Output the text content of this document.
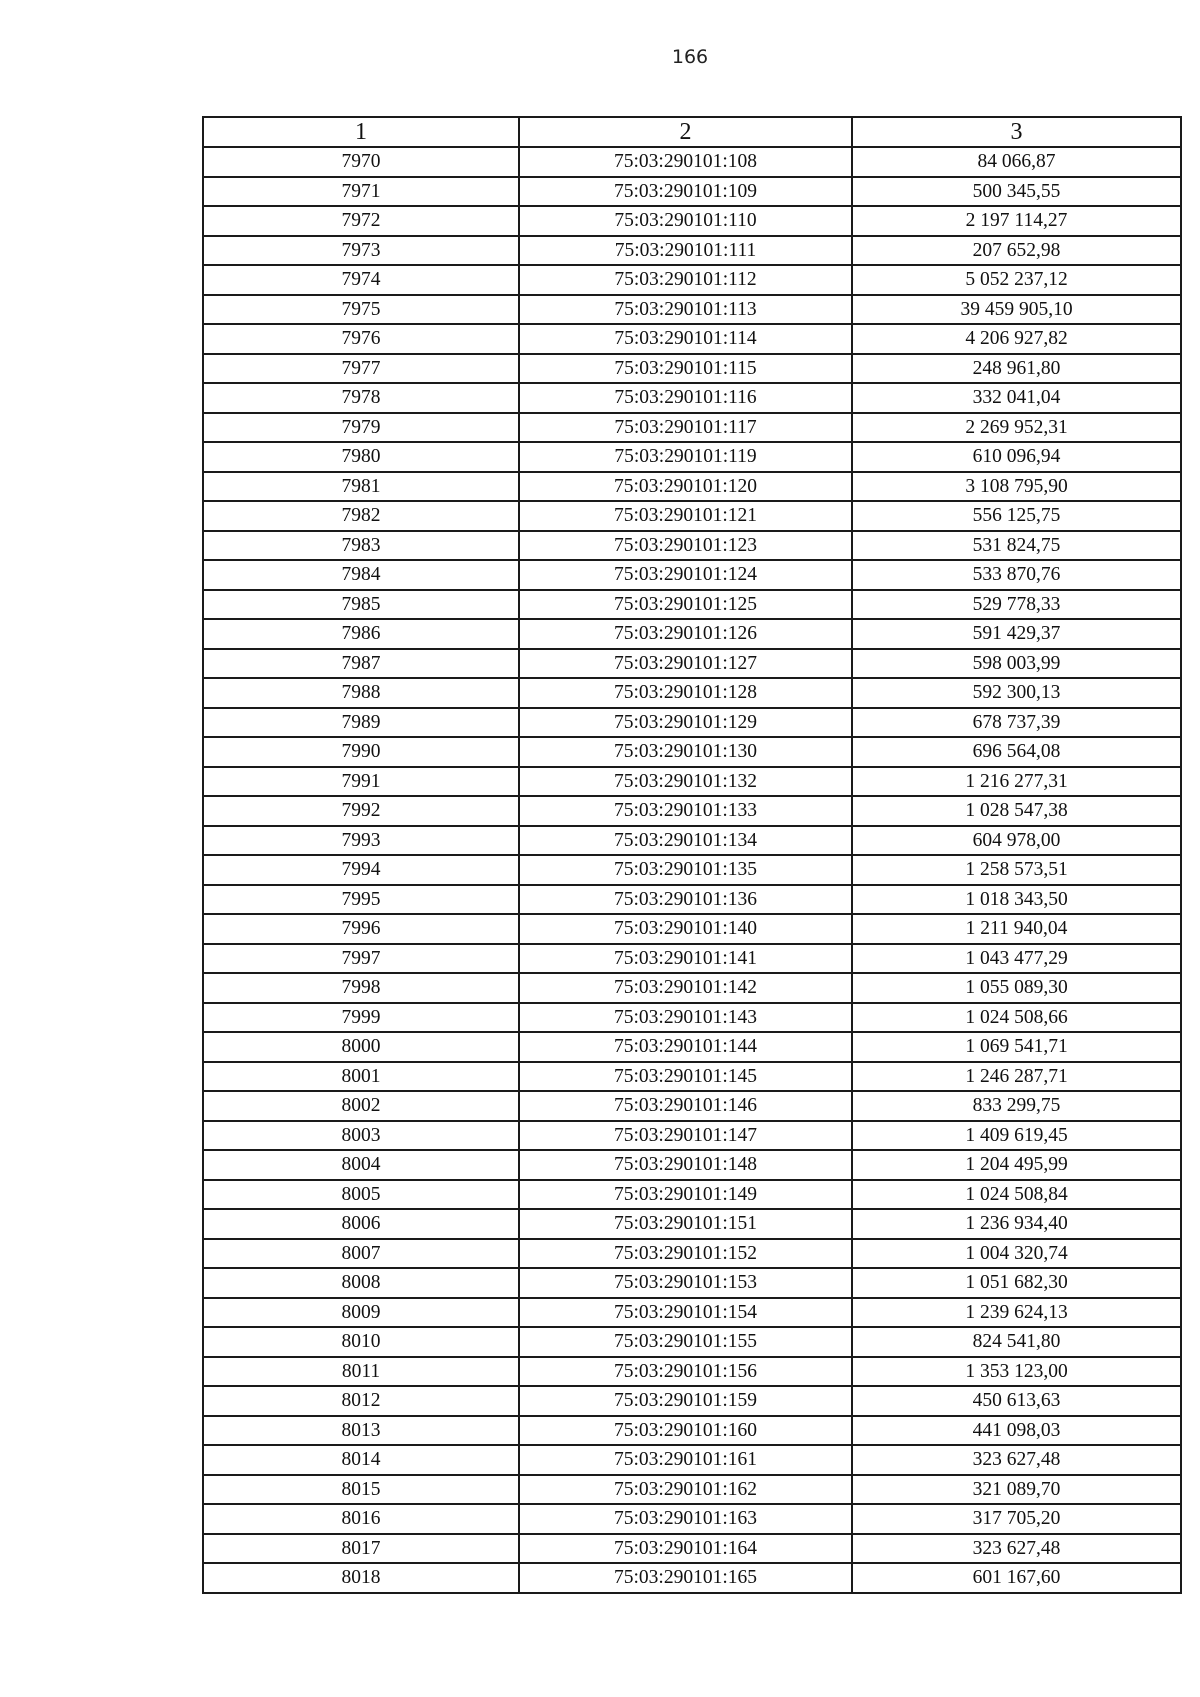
166
1	2	3
7970	75:03:290101:108	84 066,87
7971	75:03:290101:109	500 345,55
7972	75:03:290101:110	2 197 114,27
7973	75:03:290101:111	207 652,98
7974	75:03:290101:112	5 052 237,12
7975	75:03:290101:113	39 459 905,10
7976	75:03:290101:114	4 206 927,82
7977	75:03:290101:115	248 961,80
7978	75:03:290101:116	332 041,04
7979	75:03:290101:117	2 269 952,31
7980	75:03:290101:119	610 096,94
7981	75:03:290101:120	3 108 795,90
7982	75:03:290101:121	556 125,75
7983	75:03:290101:123	531 824,75
7984	75:03:290101:124	533 870,76
7985	75:03:290101:125	529 778,33
7986	75:03:290101:126	591 429,37
7987	75:03:290101:127	598 003,99
7988	75:03:290101:128	592 300,13
7989	75:03:290101:129	678 737,39
7990	75:03:290101:130	696 564,08
7991	75:03:290101:132	1 216 277,31
7992	75:03:290101:133	1 028 547,38
7993	75:03:290101:134	604 978,00
7994	75:03:290101:135	1 258 573,51
7995	75:03:290101:136	1 018 343,50
7996	75:03:290101:140	1 211 940,04
7997	75:03:290101:141	1 043 477,29
7998	75:03:290101:142	1 055 089,30
7999	75:03:290101:143	1 024 508,66
8000	75:03:290101:144	1 069 541,71
8001	75:03:290101:145	1 246 287,71
8002	75:03:290101:146	833 299,75
8003	75:03:290101:147	1 409 619,45
8004	75:03:290101:148	1 204 495,99
8005	75:03:290101:149	1 024 508,84
8006	75:03:290101:151	1 236 934,40
8007	75:03:290101:152	1 004 320,74
8008	75:03:290101:153	1 051 682,30
8009	75:03:290101:154	1 239 624,13
8010	75:03:290101:155	824 541,80
8011	75:03:290101:156	1 353 123,00
8012	75:03:290101:159	450 613,63
8013	75:03:290101:160	441 098,03
8014	75:03:290101:161	323 627,48
8015	75:03:290101:162	321 089,70
8016	75:03:290101:163	317 705,20
8017	75:03:290101:164	323 627,48
8018	75:03:290101:165	601 167,60
